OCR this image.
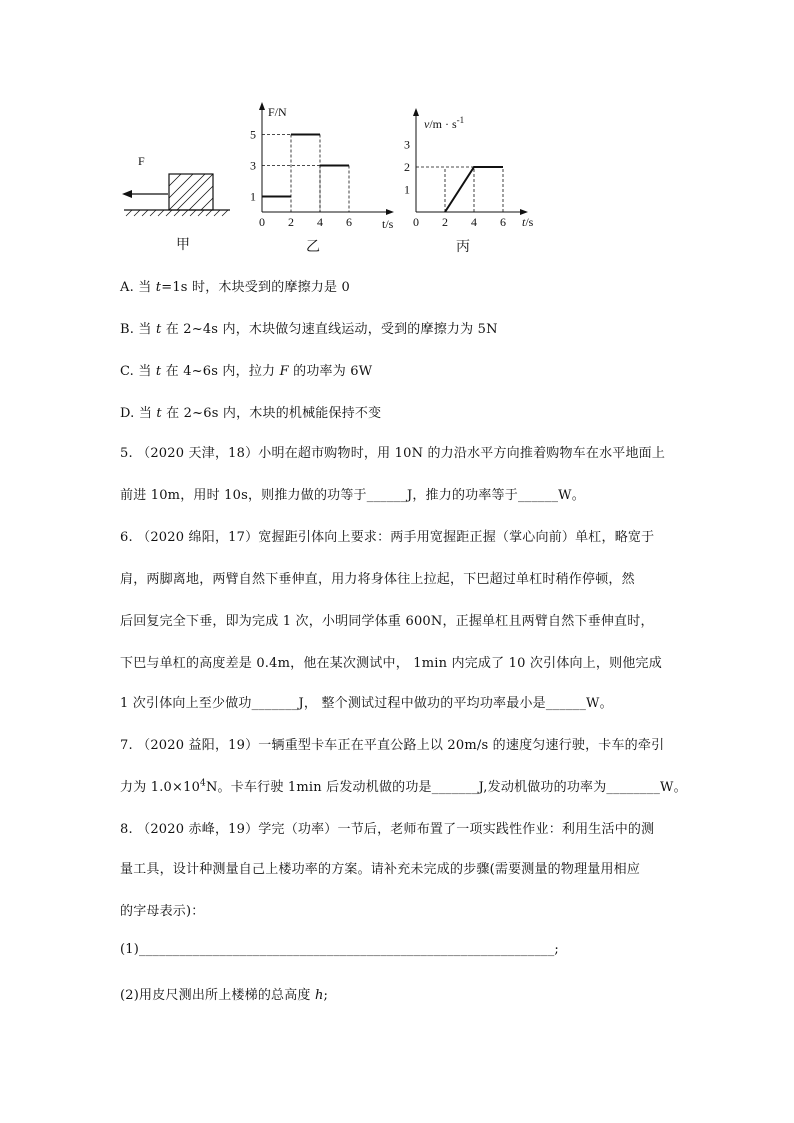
F
F/N
t/s
0 2 4 6
1
3
5
$v/m \cdot s^{-1}$
t/s
0 2 4 6
1
2
3
甲	乙	丙
A. 当 t=1s 时，木块受到的摩擦力是 0
B. 当 t 在 2~4s 内，木块做匀速直线运动，受到的摩擦力为 5N
C. 当 t 在 4~6s 内，拉力 F 的功率为 6W
D. 当 t 在 2~6s 内，木块的机械能保持不变
5. （2020 天津，18）小明在超市购物时，用 10N 的力沿水平方向推着购物车在水平地面上
前进 10m，用时 10s，则推力做的功等于______J，推力的功率等于______W。
6. （2020 绵阳，17）宽握距引体向上要求：两手用宽握距正握（掌心向前）单杠，略宽于
肩，两脚离地，两臂自然下垂伸直，用力将身体往上拉起，下巴超过单杠时稍作停顿，然
后回复完全下垂，即为完成 1 次，小明同学体重 600N，正握单杠且两臂自然下垂伸直时，
下巴与单杠的高度差是 0.4m，他在某次测试中， 1min 内完成了 10 次引体向上，则他完成
1 次引体向上至少做功_______J， 整个测试过程中做功的平均功率最小是______W。
7. （2020 益阳，19）一辆重型卡车正在平直公路上以 20m/s 的速度匀速行驶，卡车的牵引
力为 $1.0\times 10^4N$。卡车行驶 1min 后发动机做的功是_______J,发动机做功的功率为________W。
8. （2020 赤峰，19）学完（功率）一节后，老师布置了一项实践性作业：利用生活中的测
量工具，设计种测量自己上楼功率的方案。请补充未完成的步骤(需要测量的物理量用相应
的字母表示)：
(1)______________________________________________________________;
(2)用皮尺测出所上楼梯的总高度 h;
